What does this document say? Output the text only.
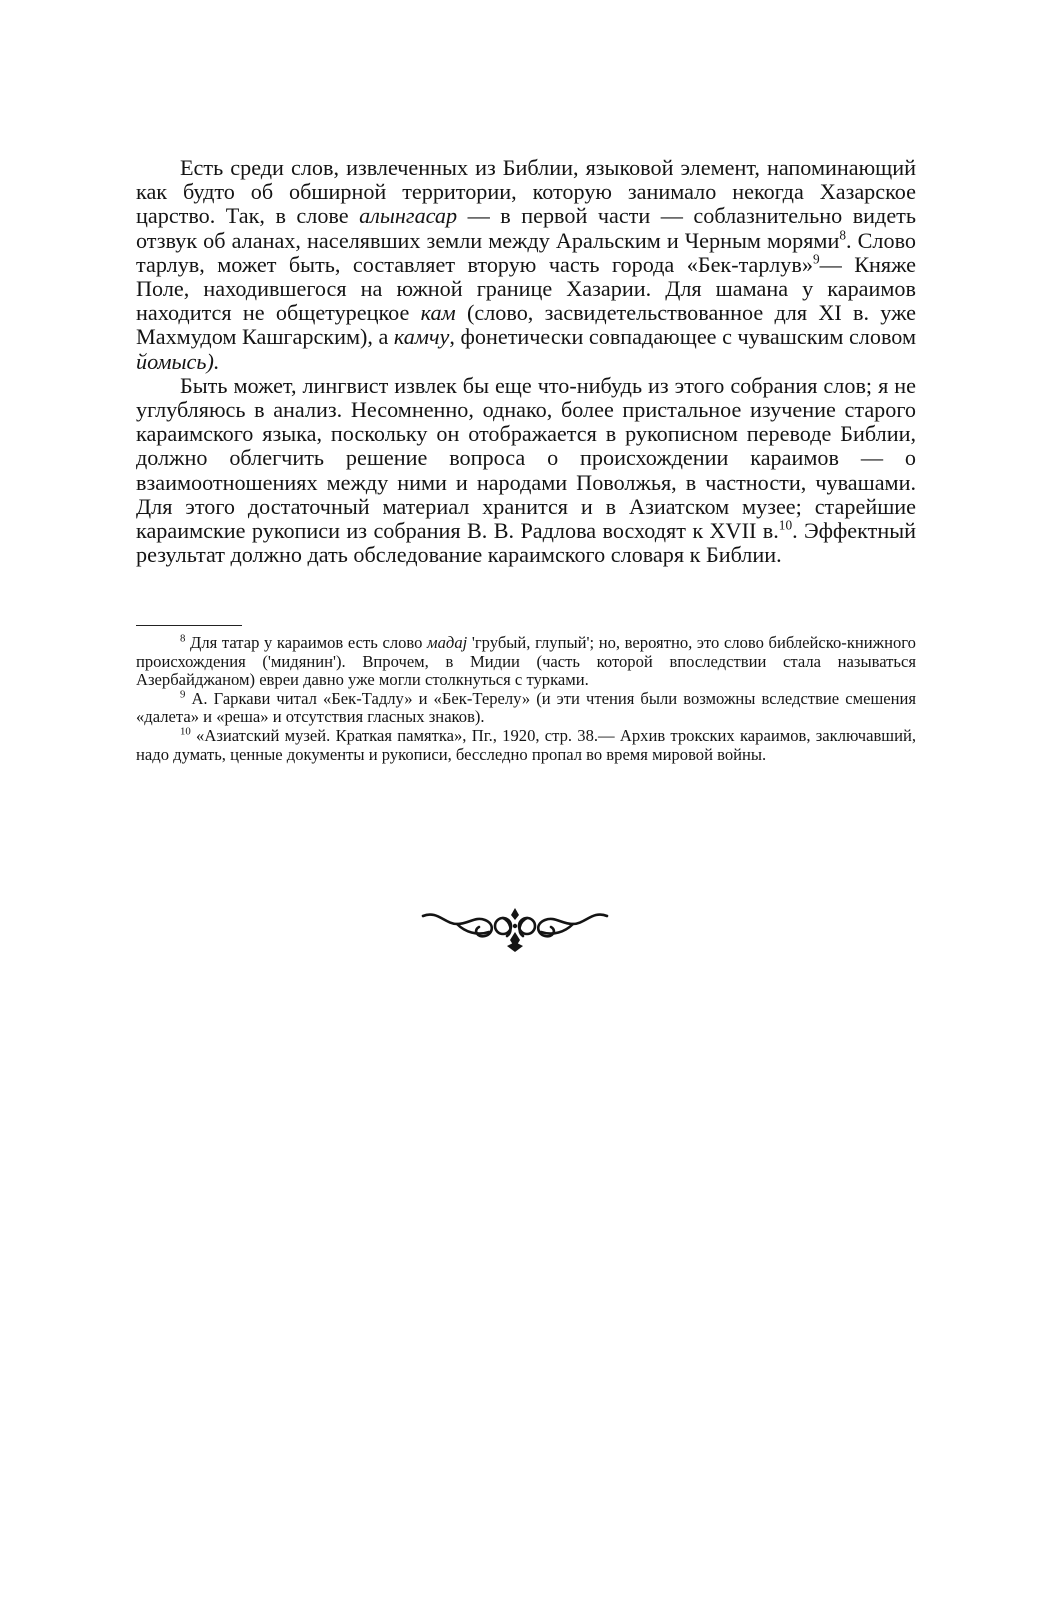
Есть среди слов, извлеченных из Библии, языковой элемент, напоминающий как будто об обширной территории, которую занимало некогда Хазарское царство. Так, в слове алынгасар — в первой части — соблазнительно видеть отзвук об аланах, населявших земли между Аральским и Черным морями$^8$. Слово тарлув, может быть, составляет вторую часть города «Бек-тарлув»$^9$— Княже Поле, находившегося на южной границе Хазарии. Для шамана у караимов находится не общетурецкое кам (слово, засвидетельствованное для XI в. уже Махмудом Кашгарским), а камчу, фонетически совпадающее с чувашским словом йомысь).

Быть может, лингвист извлек бы еще что-нибудь из этого собрания слов; я не углубляюсь в анализ. Несомненно, однако, более пристальное изучение старого караимского языка, поскольку он отображается в рукописном переводе Библии, должно облегчить решение вопроса о происхождении караимов — о взаимоотношениях между ними и народами Поволжья, в частности, чувашами. Для этого достаточный материал хранится и в Азиатском музее; старейшие караимские рукописи из собрания В. В. Радлова восходят к XVII в.$^{10}$. Эффектный результат должно дать обследование караимского словаря к Библии.

$^8$ Для татар у караимов есть слово мадај 'грубый, глупый'; но, вероятно, это слово библейско-книжного происхождения ('мидянин'). Впрочем, в Мидии (часть которой впоследствии стала называться Азербайджаном) евреи давно уже могли столкнуться с турками.

$^9$ А. Гаркави читал «Бек-Тадлу» и «Бек-Терелу» (и эти чтения были возможны вследствие смешения «далета» и «реша» и отсутствия гласных знаков).

$^{10}$ «Азиатский музей. Краткая памятка», Пг., 1920, стр. 38.— Архив трокских караимов, заключавший, надо думать, ценные документы и рукописи, бесследно пропал во время мировой войны.
